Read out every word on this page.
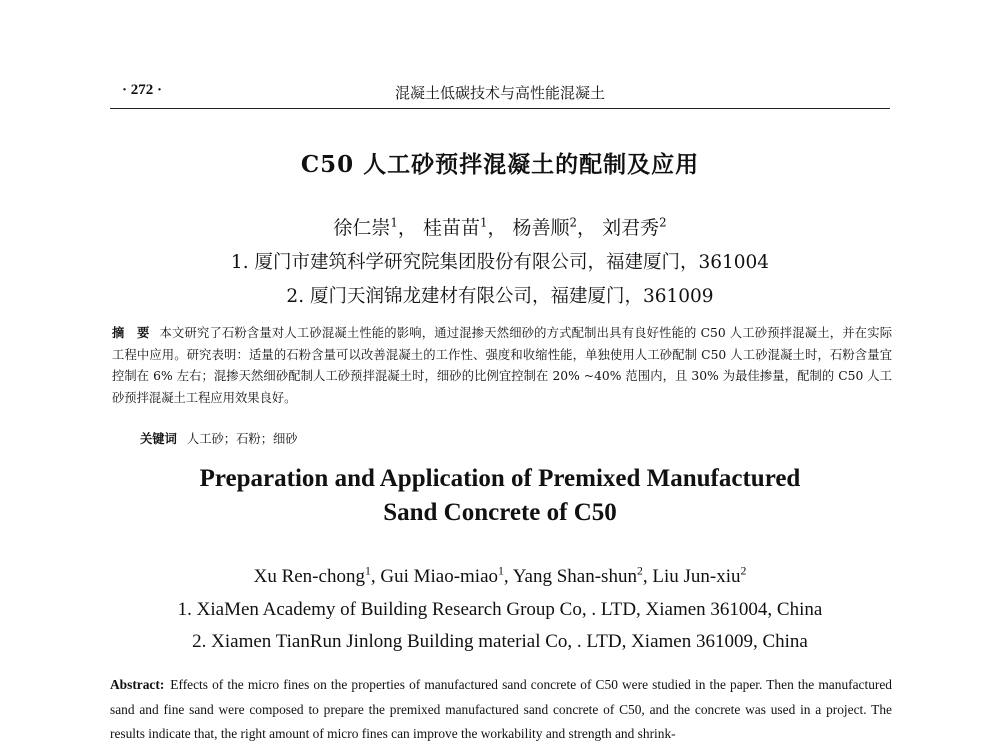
· 272 ·	混凝土低碳技术与高性能混凝土
C50 人工砂预拌混凝土的配制及应用
徐仁崇$^1$， 桂苗苗$^1$， 杨善顺$^2$， 刘君秀$^2$
1. 厦门市建筑科学研究院集团股份有限公司，福建厦门，361004
2. 厦门天润锦龙建材有限公司，福建厦门，361009
摘　要 本文研究了石粉含量对人工砂混凝土性能的影响，通过混掺天然细砂的方式配制出具有良好性能的 C50 人工砂预拌混凝土，并在实际工程中应用。研究表明：适量的石粉含量可以改善混凝土的工作性、强度和收缩性能，单独使用人工砂配制 C50 人工砂混凝土时，石粉含量宜控制在 6% 左右；混掺天然细砂配制人工砂预拌混凝土时，细砂的比例宜控制在 20% ~40% 范围内，且 30% 为最佳掺量，配制的 C50 人工砂预拌混凝土工程应用效果良好。
关键词 人工砂；石粉；细砂
Preparation and Application of Premixed Manufactured
Sand Concrete of C50
Xu Ren-chong$^1$, Gui Miao-miao$^1$, Yang Shan-shun$^2$, Liu Jun-xiu$^2$
1. XiaMen Academy of Building Research Group Co, . LTD, Xiamen 361004, China
2. Xiamen TianRun Jinlong Building material Co, . LTD, Xiamen 361009, China
Abstract: Effects of the micro fines on the properties of manufactured sand concrete of C50 were studied in the paper. Then the manufactured sand and fine sand were composed to prepare the premixed manufactured sand concrete of C50, and the concrete was used in a project. The results indicate that, the right amount of micro fines can improve the workability and strength and shrink-
